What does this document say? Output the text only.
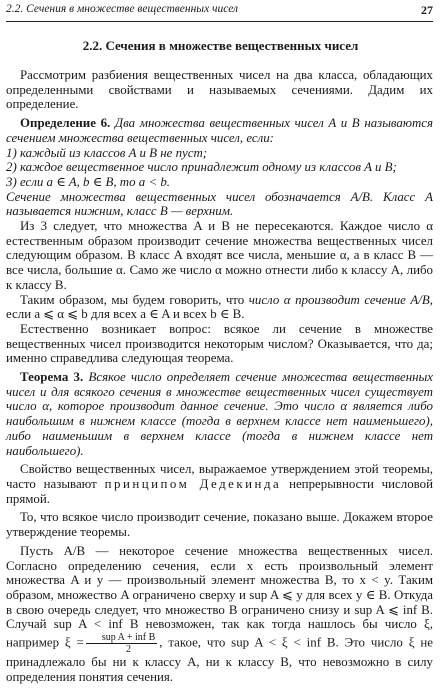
2.2. Сечения в множестве вещественных чисел	27
2.2. Сечения в множестве вещественных чисел

Рассмотрим разбиения вещественных чисел на два класса, обладающих определенными свойствами и называемых сечениями. Дадим их определение.

Определение 6. Два множества вещественных чисел A и B называются сечением множества вещественных чисел, если:

1) каждый из классов A и B не пуст;

2) каждое вещественное число принадлежит одному из классов A и B;

3) если a ∈ A, b ∈ B, то a < b.

Сечение множества вещественных чисел обозначается A/B. Класс A называется нижним, класс B — верхним.

Из 3 следует, что множества A и B не пересекаются. Каждое число α естественным образом производит сечение множества вещественных чисел следующим образом. В класс A входят все числа, меньшие α, а в класс B — все числа, большие α. Само же число α можно отнести либо к классу A, либо к классу B.

Таким образом, мы будем говорить, что число α производит сечение A/B, если a ⩽ α ⩽ b для всех a ∈ A и всех b ∈ B.

Естественно возникает вопрос: всякое ли сечение в множестве вещественных чисел производится некоторым числом? Оказывается, что да; именно справедлива следующая теорема.

Теорема 3. Всякое число определяет сечение множества вещественных чисел и для всякого сечения в множестве вещественных чисел существует число α, которое производит данное сечение. Это число α является либо наибольшим в нижнем классе (тогда в верхнем классе нет наименьшего), либо наименьшим в верхнем классе (тогда в нижнем классе нет наибольшего).

Свойство вещественных чисел, выражаемое утверждением этой теоремы, часто называют принципом Дедекинда непрерывности числовой прямой.

То, что всякое число производит сечение, показано выше. Докажем второе утверждение теоремы.

Пусть A/B — некоторое сечение множества вещественных чисел. Согласно определению сечения, если x есть произвольный элемент множества A и y — произвольный элемент множества B, то x < y. Таким образом, множество A ограничено сверху и sup A ⩽ y для всех y ∈ B. Откуда в свою очередь следует, что множество B ограничено снизу и sup A ⩽ inf B. Случай sup A < inf B невозможен, так как тогда нашлось бы число ξ, например $\xi = \frac{\text{sup A + inf B}}{2}$ , такое, что sup A < ξ < inf B. Это число ξ не принадлежало бы ни к классу A, ни к классу B, что невозможно в силу определения понятия сечения.
